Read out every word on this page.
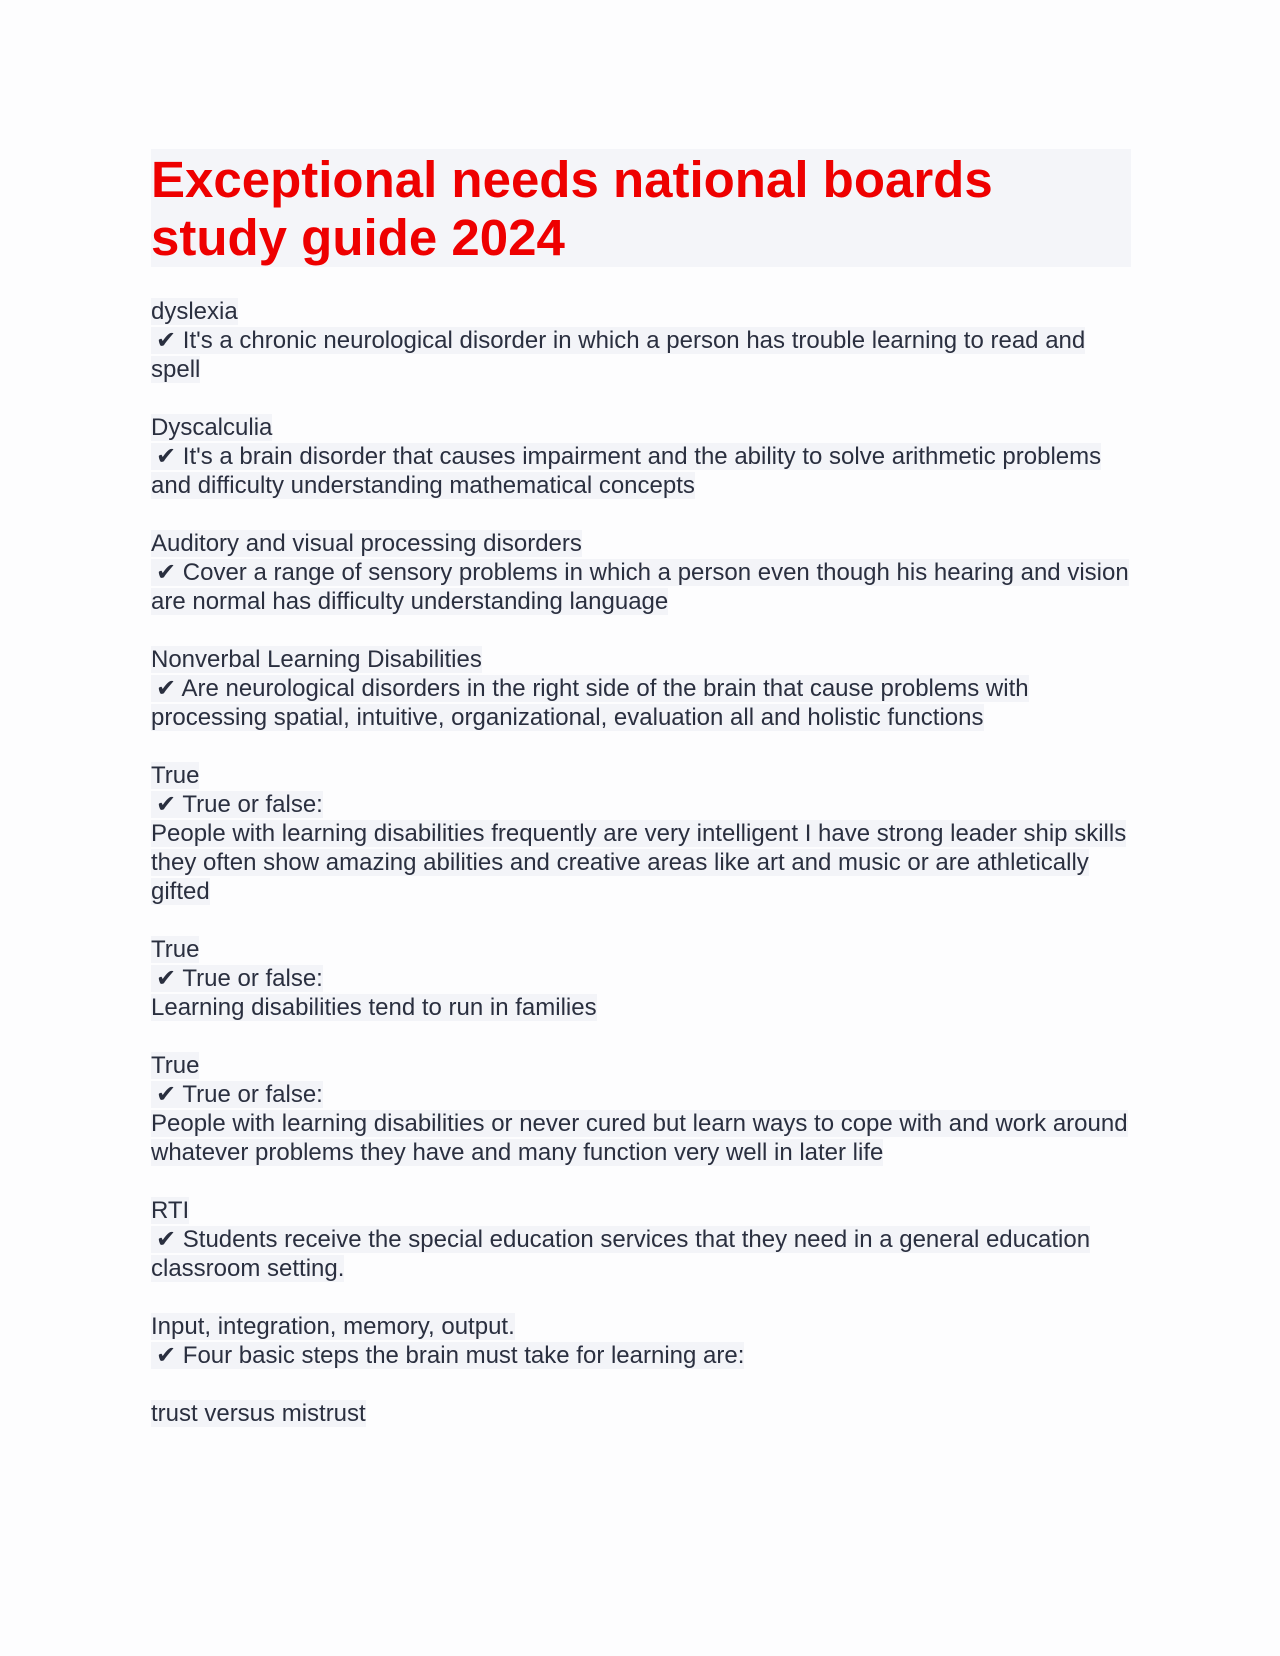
Exceptional needs national boards study guide 2024
dyslexia
✔ It's a chronic neurological disorder in which a person has trouble learning to read and spell
Dyscalculia
✔ It's a brain disorder that causes impairment and the ability to solve arithmetic problems and difficulty understanding mathematical concepts
Auditory and visual processing disorders
✔ Cover a range of sensory problems in which a person even though his hearing and vision are normal has difficulty understanding language
Nonverbal Learning Disabilities
✔ Are neurological disorders in the right side of the brain that cause problems with processing spatial, intuitive, organizational, evaluation all and holistic functions
True
✔ True or false:
People with learning disabilities frequently are very intelligent I have strong leader ship skills they often show amazing abilities and creative areas like art and music or are athletically gifted
True
✔ True or false:
Learning disabilities tend to run in families
True
✔ True or false:
People with learning disabilities or never cured but learn ways to cope with and work around whatever problems they have and many function very well in later life
RTI
✔ Students receive the special education services that they need in a general education classroom setting.
Input, integration, memory, output.
✔ Four basic steps the brain must take for learning are:
trust versus mistrust
